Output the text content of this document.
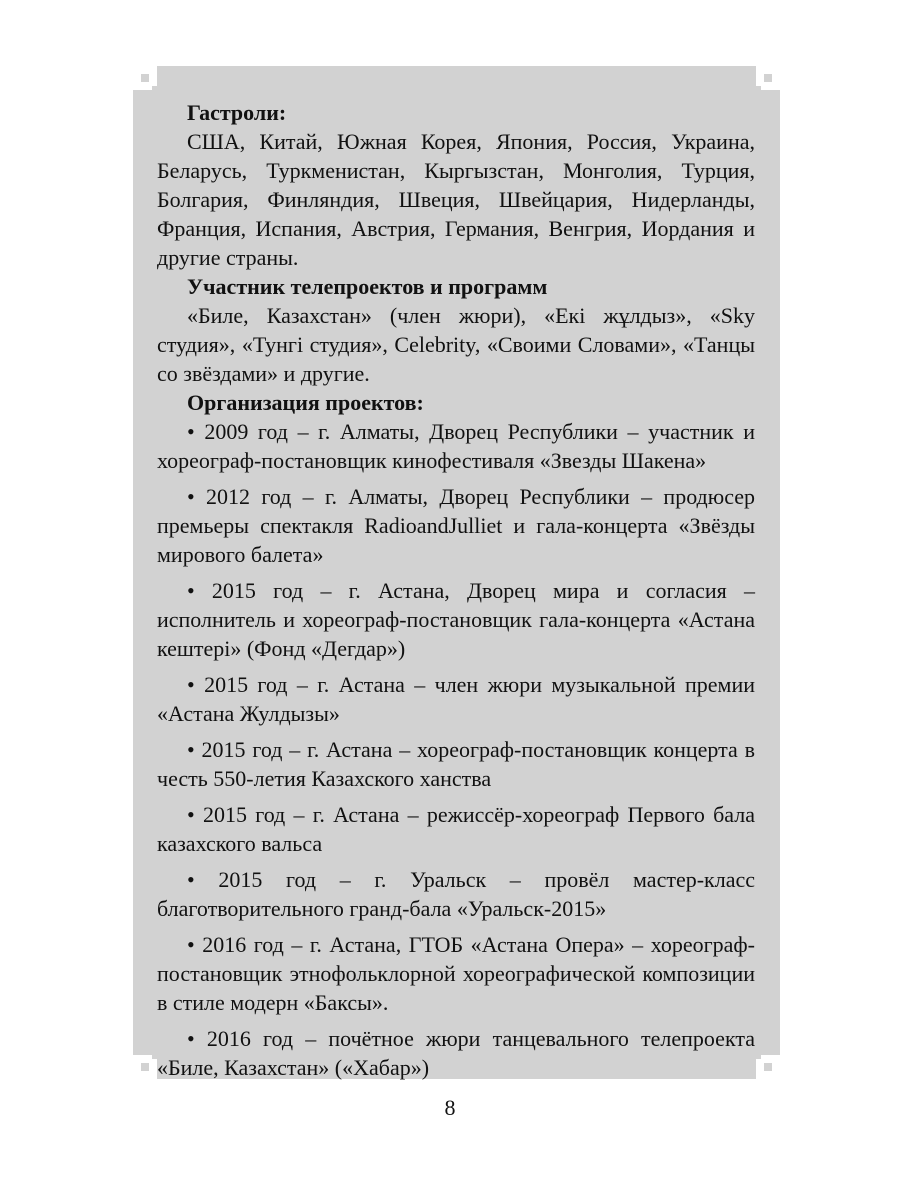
Гастроли:

США, Китай, Южная Корея, Япония, Россия, Украина, Беларусь, Туркменистан, Кыргызстан, Монголия, Турция, Болгария, Финляндия, Швеция, Швейцария, Нидерланды, Франция, Испания, Австрия, Германия, Венгрия, Иордания и другие страны.

Участник телепроектов и программ

«Биле, Казахстан» (член жюри), «Екі жұлдыз», «Sky студия», «Тунгі студия», Celebrity, «Своими Словами», «Танцы со звёздами» и другие.

Организация проектов:

• 2009 год – г. Алматы, Дворец Республики – участник и хореограф-постановщик кинофестиваля «Звезды Шакена»

• 2012 год – г. Алматы, Дворец Республики – продюсер премьеры спектакля RadioandJulliet и гала-концерта «Звёзды мирового балета»

• 2015 год – г. Астана, Дворец мира и согласия – исполнитель и хореограф-постановщик гала-концерта «Астана кештері» (Фонд «Дегдар»)

• 2015 год – г. Астана – член жюри музыкальной премии «Астана Жулдызы»

• 2015 год – г. Астана – хореограф-постановщик концерта в честь 550-летия Казахского ханства

• 2015 год – г. Астана – режиссёр-хореограф Первого бала казахского вальса

• 2015 год – г. Уральск – провёл мастер-класс благотворительного гранд-бала «Уральск-2015»

• 2016 год – г. Астана, ГТОБ «Астана Опера» – хореограф-постановщик этнофольклорной хореографической композиции в стиле модерн «Баксы».

• 2016 год – почётное жюри танцевального телепроекта «Биле, Казахстан» («Хабар»)

8
